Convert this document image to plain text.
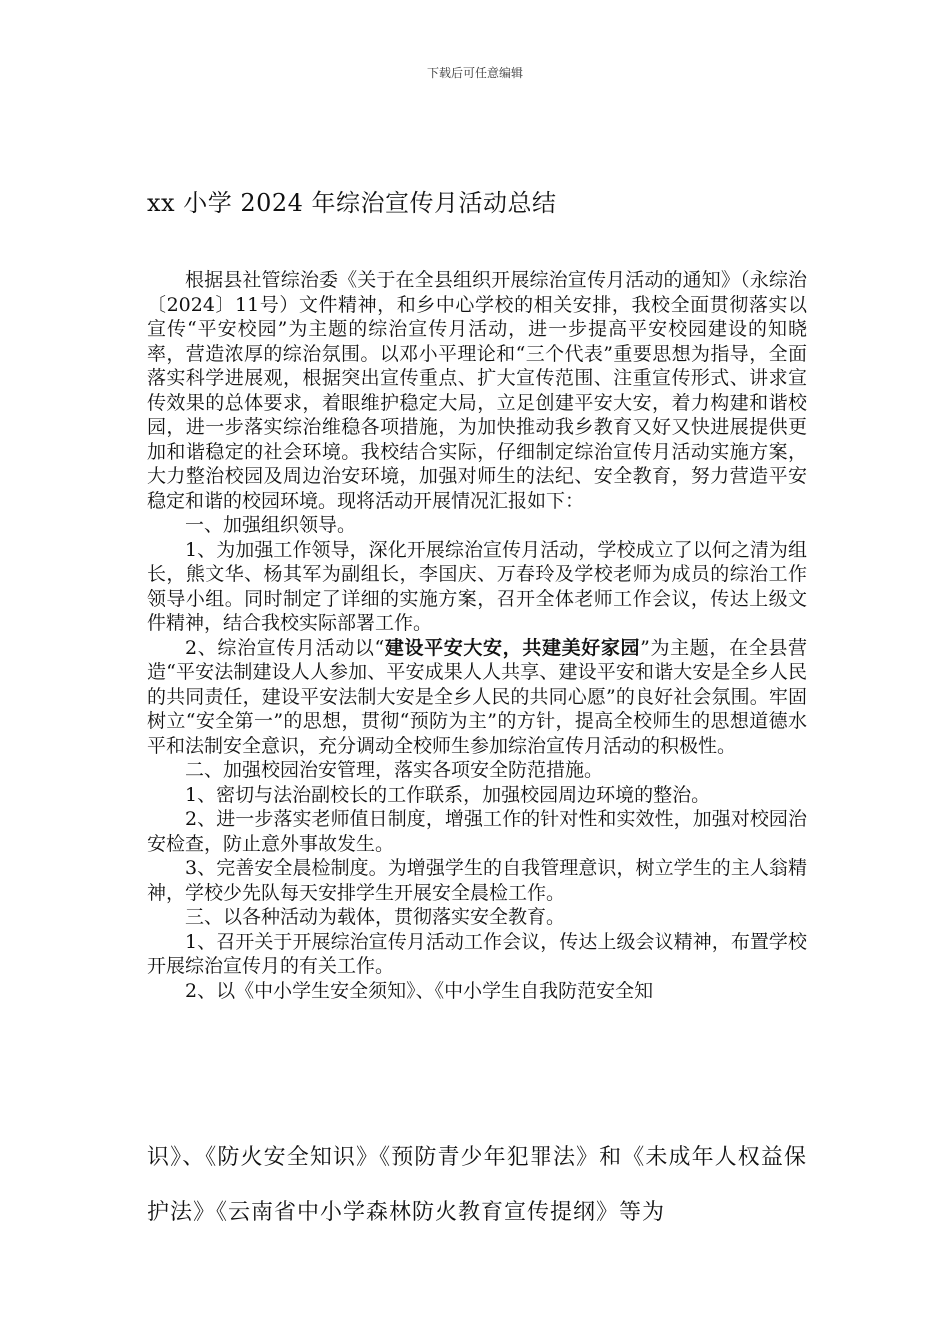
下载后可任意编辑
xx 小学 2024 年综治宣传月活动总结

根据县社管综治委《关于在全县组织开展综治宣传月活动的通知》（永综治〔2024〕11号）文件精神，和乡中心学校的相关安排，我校全面贯彻落实以宣传“平安校园”为主题的综治宣传月活动，进一步提高平安校园建设的知晓率，营造浓厚的综治氛围。以邓小平理论和“三个代表”重要思想为指导，全面落实科学进展观，根据突出宣传重点、扩大宣传范围、注重宣传形式、讲求宣传效果的总体要求，着眼维护稳定大局，立足创建平安大安，着力构建和谐校园，进一步落实综治维稳各项措施，为加快推动我乡教育又好又快进展提供更加和谐稳定的社会环境。我校结合实际，仔细制定综治宣传月活动实施方案，大力整治校园及周边治安环境，加强对师生的法纪、安全教育，努力营造平安稳定和谐的校园环境。现将活动开展情况汇报如下：

一、加强组织领导。

1、为加强工作领导，深化开展综治宣传月活动，学校成立了以何之清为组长，熊文华、杨其军为副组长，李国庆、万春玲及学校老师为成员的综治工作领导小组。同时制定了详细的实施方案，召开全体老师工作会议，传达上级文件精神，结合我校实际部署工作。

2、综治宣传月活动以“建设平安大安，共建美好家园”为主题，在全县营造“平安法制建设人人参加、平安成果人人共享、建设平安和谐大安是全乡人民的共同责任，建设平安法制大安是全乡人民的共同心愿”的良好社会氛围。牢固树立“安全第一”的思想，贯彻“预防为主”的方针，提高全校师生的思想道德水平和法制安全意识，充分调动全校师生参加综治宣传月活动的积极性。

二、加强校园治安管理，落实各项安全防范措施。

1、密切与法治副校长的工作联系，加强校园周边环境的整治。

2、进一步落实老师值日制度，增强工作的针对性和实效性，加强对校园治安检查，防止意外事故发生。

3、完善安全晨检制度。为增强学生的自我管理意识，树立学生的主人翁精神，学校少先队每天安排学生开展安全晨检工作。

三、以各种活动为载体，贯彻落实安全教育。

1、召开关于开展综治宣传月活动工作会议，传达上级会议精神，布置学校开展综治宣传月的有关工作。

2、以《中小学生安全须知》、《中小学生自我防范安全知

识》、《防火安全知识》《预防青少年犯罪法》和《未成年人权益保护法》《云南省中小学森林防火教育宣传提纲》等为
